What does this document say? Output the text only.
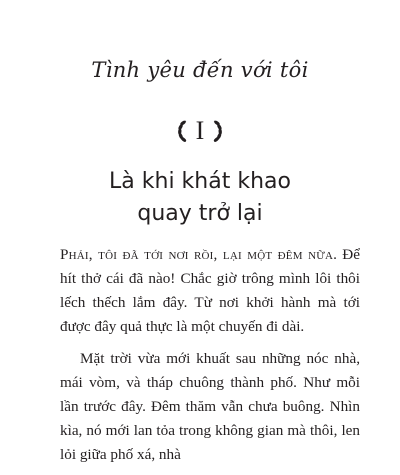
Tình yêu đến với tôi
I
Là khi khát khao
quay trở lại

Phải, tôi đã tới nơi rồi, lại một đêm nữa. Để hít thở cái đã nào! Chắc giờ trông mình lôi thôi lếch thếch lắm đây. Từ nơi khởi hành mà tới được đây quả thực là một chuyến đi dài.

Mặt trời vừa mới khuất sau những nóc nhà, mái vòm, và tháp chuông thành phố. Như mỗi lần trước đây. Đêm thăm vẫn chưa buông. Nhìn kìa, nó mới lan tỏa trong không gian mà thôi, len lỏi giữa phố xá, nhà
